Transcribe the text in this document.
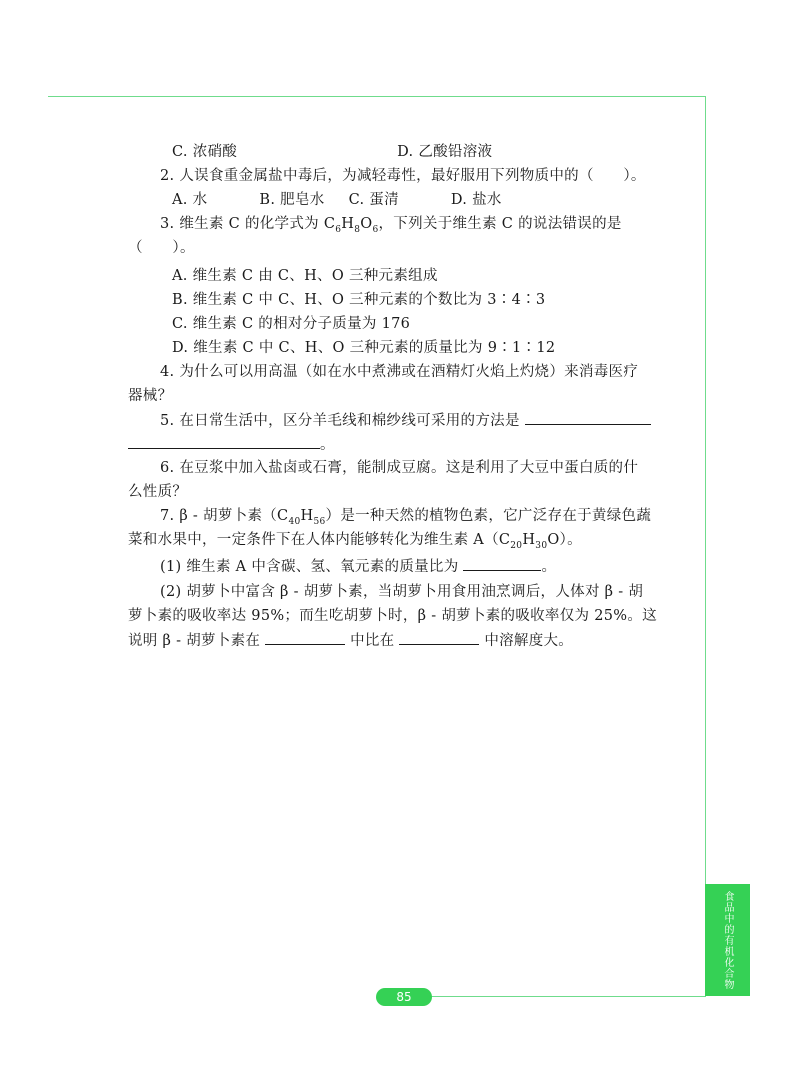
食品中的有机化合物
85
C. 浓硝酸	D. 乙酸铅溶液
2. 人误食重金属盐中毒后，为减轻毒性，最好服用下列物质中的（　　）。
A. 水	B. 肥皂水 C. 蛋清	D. 盐水
3. 维生素 C 的化学式为 $C_6H_8O_6$，下列关于维生素 C 的说法错误的是
（　　）。
A. 维生素 C 由 C、H、O 三种元素组成
B. 维生素 C 中 C、H、O 三种元素的个数比为 3∶4∶3
C. 维生素 C 的相对分子质量为 176
D. 维生素 C 中 C、H、O 三种元素的质量比为 9∶1∶12
4. 为什么可以用高温（如在水中煮沸或在酒精灯火焰上灼烧）来消毒医疗
器械？
5. 在日常生活中，区分羊毛线和棉纱线可采用的方法是
。
6. 在豆浆中加入盐卤或石膏，能制成豆腐。这是利用了大豆中蛋白质的什
么性质？
7. β - 胡萝卜素$(C_{40}H_{56})$是一种天然的植物色素，它广泛存在于黄绿色蔬
菜和水果中，一定条件下在人体内能够转化为维生素 $A(C_{20}H_{30}O)$。
(1) 维生素 A 中含碳、氢、氧元素的质量比为	。
(2) 胡萝卜中富含 β - 胡萝卜素，当胡萝卜用食用油烹调后，人体对 β - 胡
萝卜素的吸收率达 95%；而生吃胡萝卜时，β - 胡萝卜素的吸收率仅为 25%。这
说明 β - 胡萝卜素在	中比在	中溶解度大。
